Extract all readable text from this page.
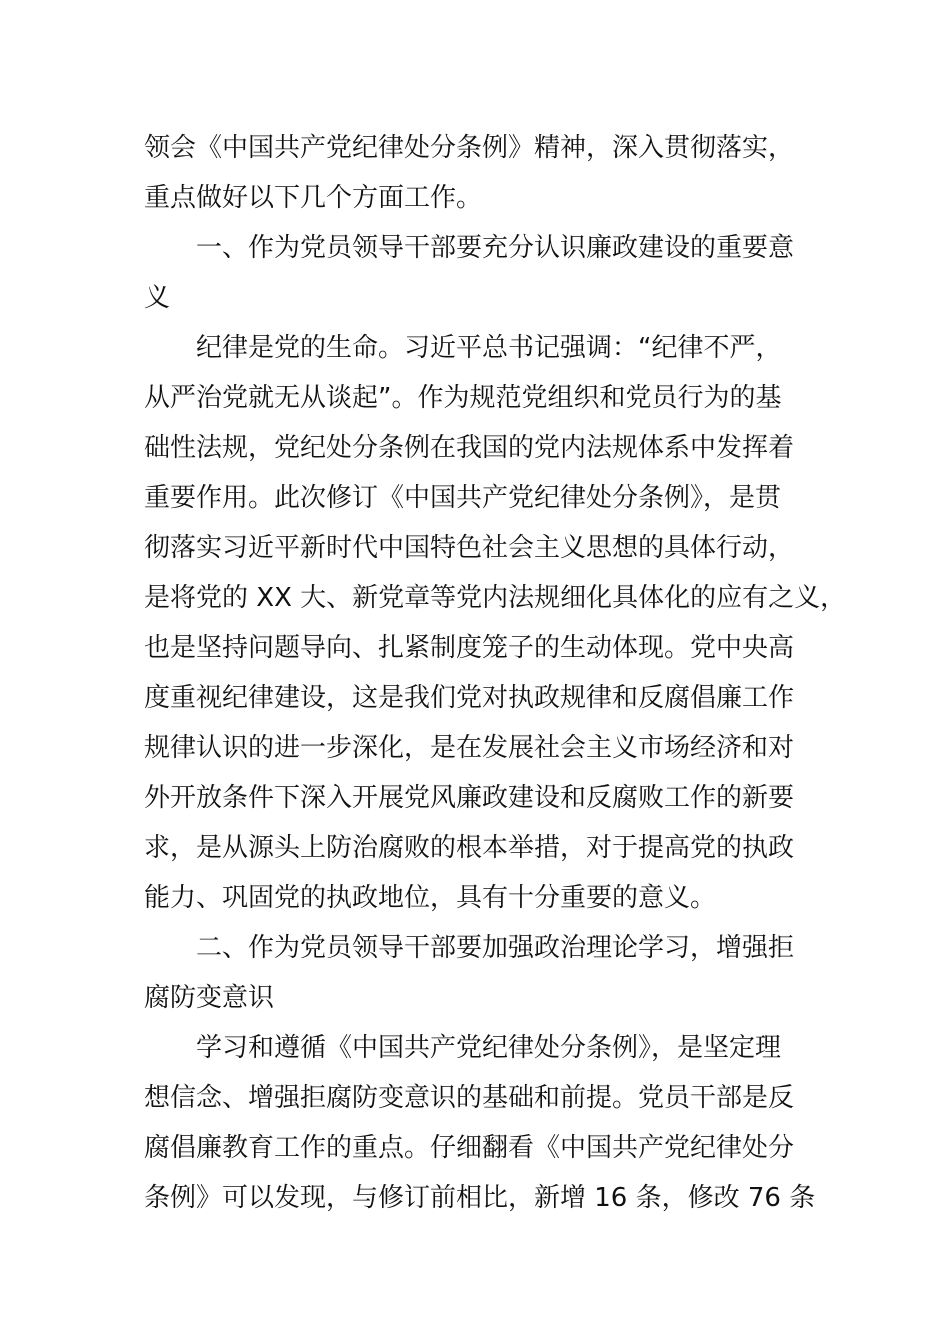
领会《中国共产党纪律处分条例》精神，深入贯彻落实，
重点做好以下几个方面工作。
一、作为党员领导干部要充分认识廉政建设的重要意
义
纪律是党的生命。习近平总书记强调：“纪律不严，
从严治党就无从谈起”。作为规范党组织和党员行为的基
础性法规，党纪处分条例在我国的党内法规体系中发挥着
重要作用。此次修订《中国共产党纪律处分条例》，是贯
彻落实习近平新时代中国特色社会主义思想的具体行动，
是将党的 XX 大、新党章等党内法规细化具体化的应有之义，
也是坚持问题导向、扎紧制度笼子的生动体现。党中央高
度重视纪律建设，这是我们党对执政规律和反腐倡廉工作
规律认识的进一步深化，是在发展社会主义市场经济和对
外开放条件下深入开展党风廉政建设和反腐败工作的新要
求，是从源头上防治腐败的根本举措，对于提高党的执政
能力、巩固党的执政地位，具有十分重要的意义。
二、作为党员领导干部要加强政治理论学习，增强拒
腐防变意识
学习和遵循《中国共产党纪律处分条例》，是坚定理
想信念、增强拒腐防变意识的基础和前提。党员干部是反
腐倡廉教育工作的重点。仔细翻看《中国共产党纪律处分
条例》可以发现，与修订前相比，新增 16 条，修改 76 条
